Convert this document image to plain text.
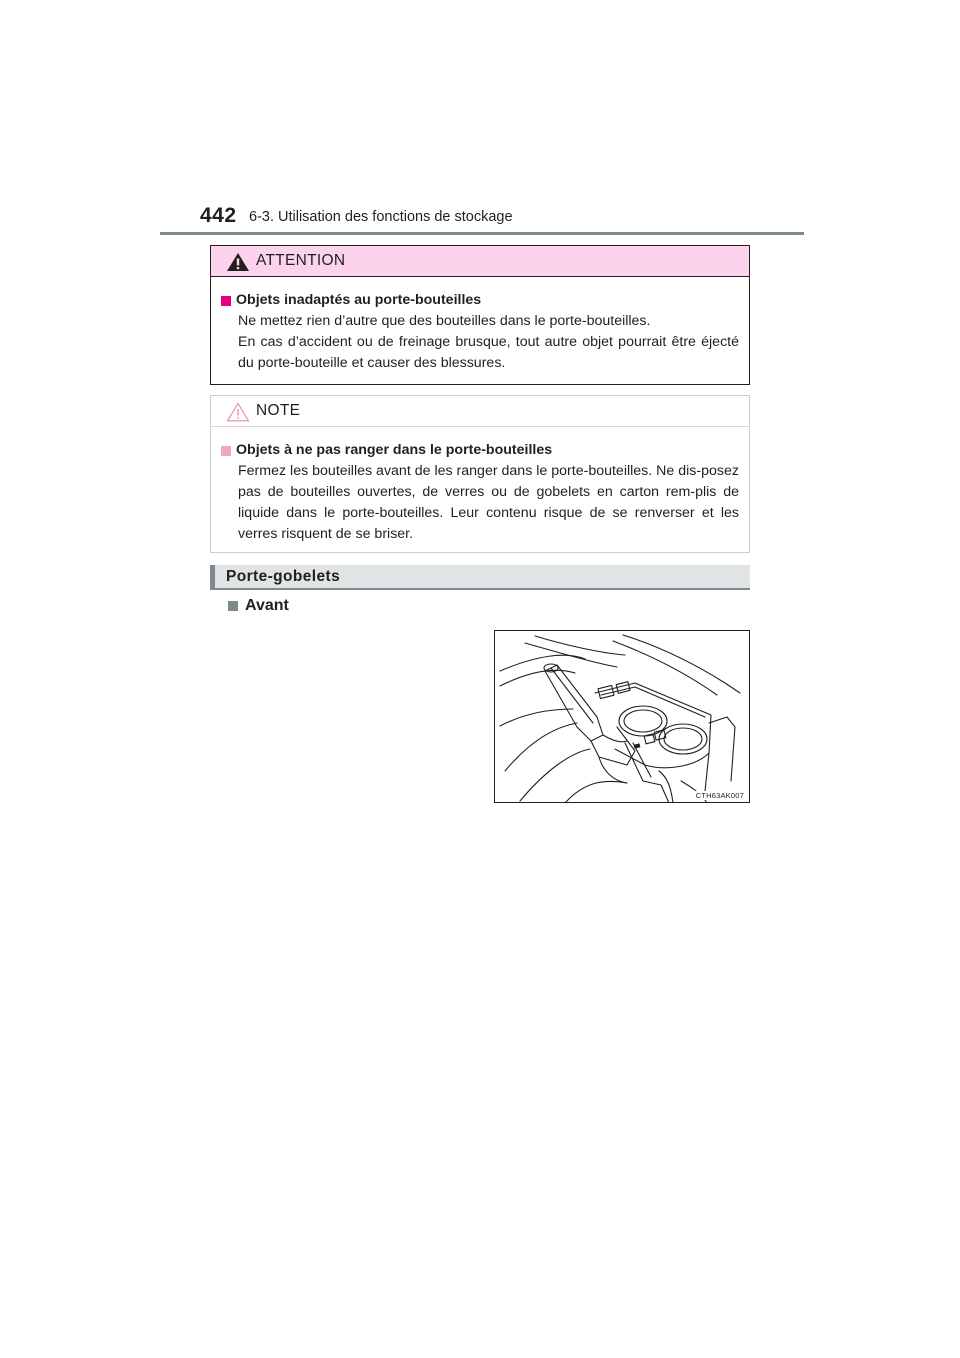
442 6-3. Utilisation des fonctions de stockage
ATTENTION
Objets inadaptés au porte-bouteilles

Ne mettez rien d’autre que des bouteilles dans le porte-bouteilles.

En cas d’accident ou de freinage brusque, tout autre objet pourrait être éjecté du porte-bouteille et causer des blessures.

NOTE
Objets à ne pas ranger dans le porte-bouteilles

Fermez les bouteilles avant de les ranger dans le porte-bouteilles. Ne dis-posez pas de bouteilles ouvertes, de verres ou de gobelets en carton rem-plis de liquide dans le porte-bouteilles. Leur contenu risque de se renverser et les verres risquent de se briser.

Porte-gobelets
Avant
CTH63AK007
